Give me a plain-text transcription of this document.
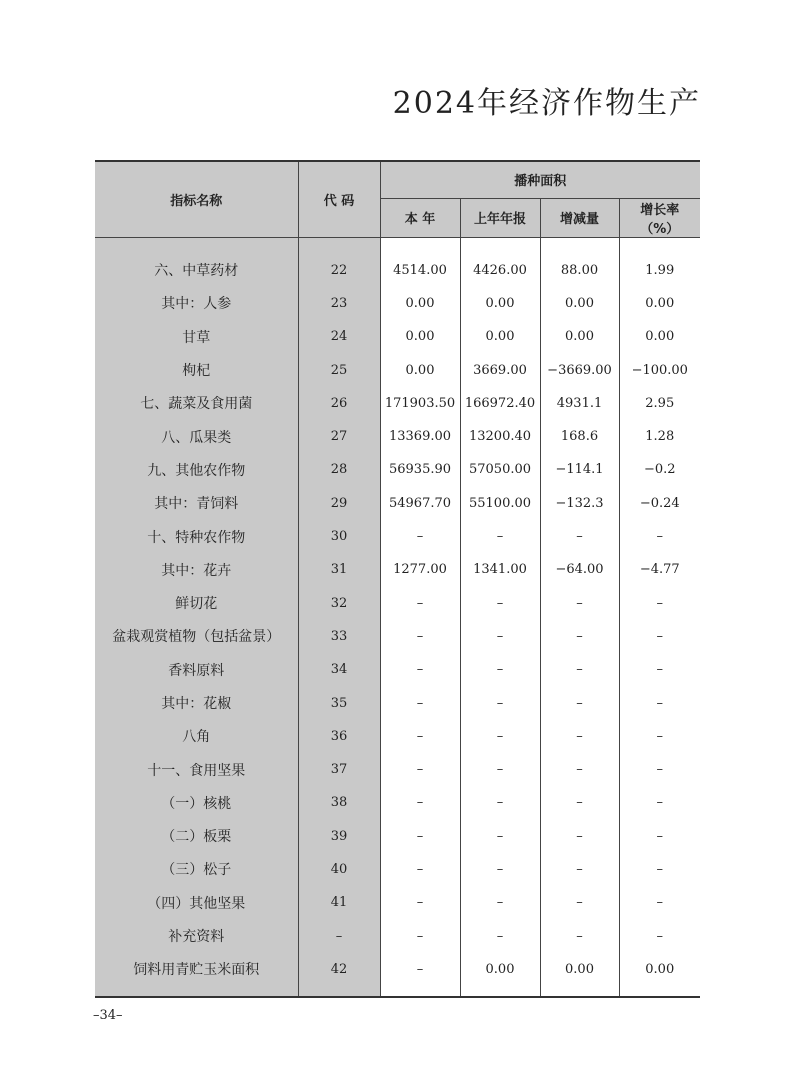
2024年经济作物生产
指标名称	代 码	播种面积			
		本 年	上年年报	增减量	增长率
（%）

六、中草药材	22	4514.00	4426.00	88.00	1.99
其中：人参	23	0.00	0.00	0.00	0.00
甘草	24	0.00	0.00	0.00	0.00
枸杞	25	0.00	3669.00	−3669.00	−100.00
七、蔬菜及食用菌	26	171903.50	166972.40	4931.1	2.95
八、瓜果类	27	13369.00	13200.40	168.6	1.28
九、其他农作物	28	56935.90	57050.00	−114.1	−0.2
其中：青饲料	29	54967.70	55100.00	−132.3	−0.24
十、特种农作物	30	–	–	–	–
其中：花卉	31	1277.00	1341.00	−64.00	−4.77
鲜切花	32	–	–	–	–
盆栽观赏植物（包括盆景）	33	–	–	–	–
香料原料	34	–	–	–	–
其中：花椒	35	–	–	–	–
八角	36	–	–	–	–
十一、食用坚果	37	–	–	–	–
（一）核桃	38	–	–	–	–
（二）板栗	39	–	–	–	–
（三）松子	40	–	–	–	–
（四）其他坚果	41	–	–	–	–
补充资料	–	–	–	–	–
饲料用青贮玉米面积	42	–	0.00	0.00	0.00
–34–
